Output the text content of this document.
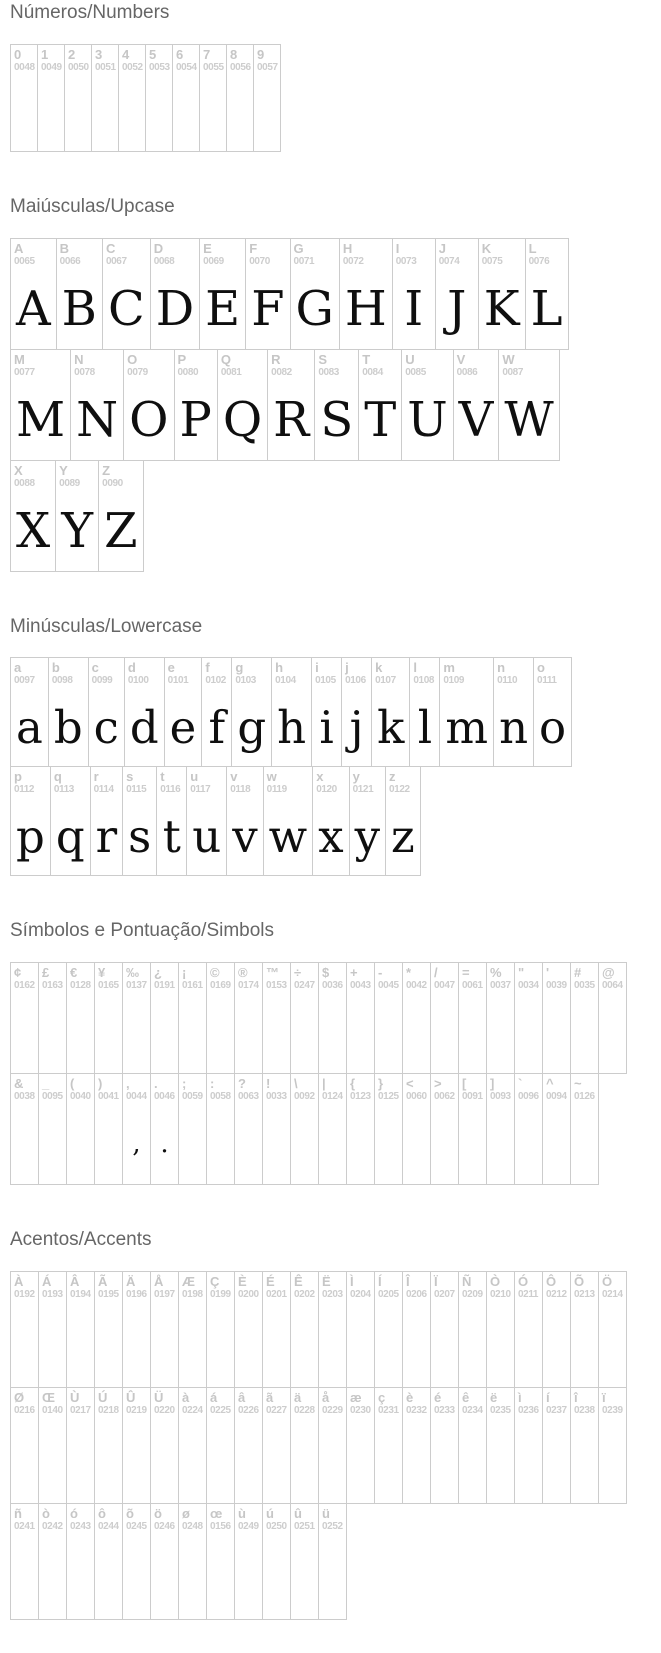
Números/Numbers
0
0048
1
0049
2
0050
3
0051
4
0052
5
0053
6
0054
7
0055
8
0056
9
0057
Maiúsculas/Upcase
A
0065
A
B
0066
B
C
0067
C
D
0068
D
E
0069
E
F
0070
F
G
0071
G
H
0072
H
I
0073
I
J
0074
J
K
0075
K
L
0076
L
M
0077
M
N
0078
N
O
0079
O
P
0080
P
Q
0081
Q
R
0082
R
S
0083
S
T
0084
T
U
0085
U
V
0086
V
W
0087
W
X
0088
X
Y
0089
Y
Z
0090
Z
Minúsculas/Lowercase
a
0097
a
b
0098
b
c
0099
c
d
0100
d
e
0101
e
f
0102
f
g
0103
g
h
0104
h
i
0105
i
j
0106
j
k
0107
k
l
0108
l
m
0109
m
n
0110
n
o
0111
o
p
0112
p
q
0113
q
r
0114
r
s
0115
s
t
0116
t
u
0117
u
v
0118
v
w
0119
w
x
0120
x
y
0121
y
z
0122
z
Símbolos e Pontuação/Simbols
¢
0162
£
0163
€
0128
¥
0165
‰
0137
¿
0191
¡
0161
©
0169
®
0174
™
0153
÷
0247
$
0036
+
0043
-
0045
*
0042
/
0047
=
0061
%
0037
"
0034
'
0039
#
0035
@
0064
&
0038
_
0095
(
0040
)
0041
,
0044
,
.
0046
.
;
0059
:
0058
?
0063
!
0033
\
0092
|
0124
{
0123
}
0125
<
0060
>
0062
[
0091
]
0093
`
0096
^
0094
~
0126
Acentos/Accents
À
0192
Á
0193
Â
0194
Ã
0195
Ä
0196
Å
0197
Æ
0198
Ç
0199
È
0200
É
0201
Ê
0202
Ë
0203
Ì
0204
Í
0205
Î
0206
Ï
0207
Ñ
0209
Ò
0210
Ó
0211
Ô
0212
Õ
0213
Ö
0214
Ø
0216
Œ
0140
Ù
0217
Ú
0218
Û
0219
Ü
0220
à
0224
á
0225
â
0226
ã
0227
ä
0228
å
0229
æ
0230
ç
0231
è
0232
é
0233
ê
0234
ë
0235
ì
0236
í
0237
î
0238
ï
0239
ñ
0241
ò
0242
ó
0243
ô
0244
õ
0245
ö
0246
ø
0248
œ
0156
ù
0249
ú
0250
û
0251
ü
0252
